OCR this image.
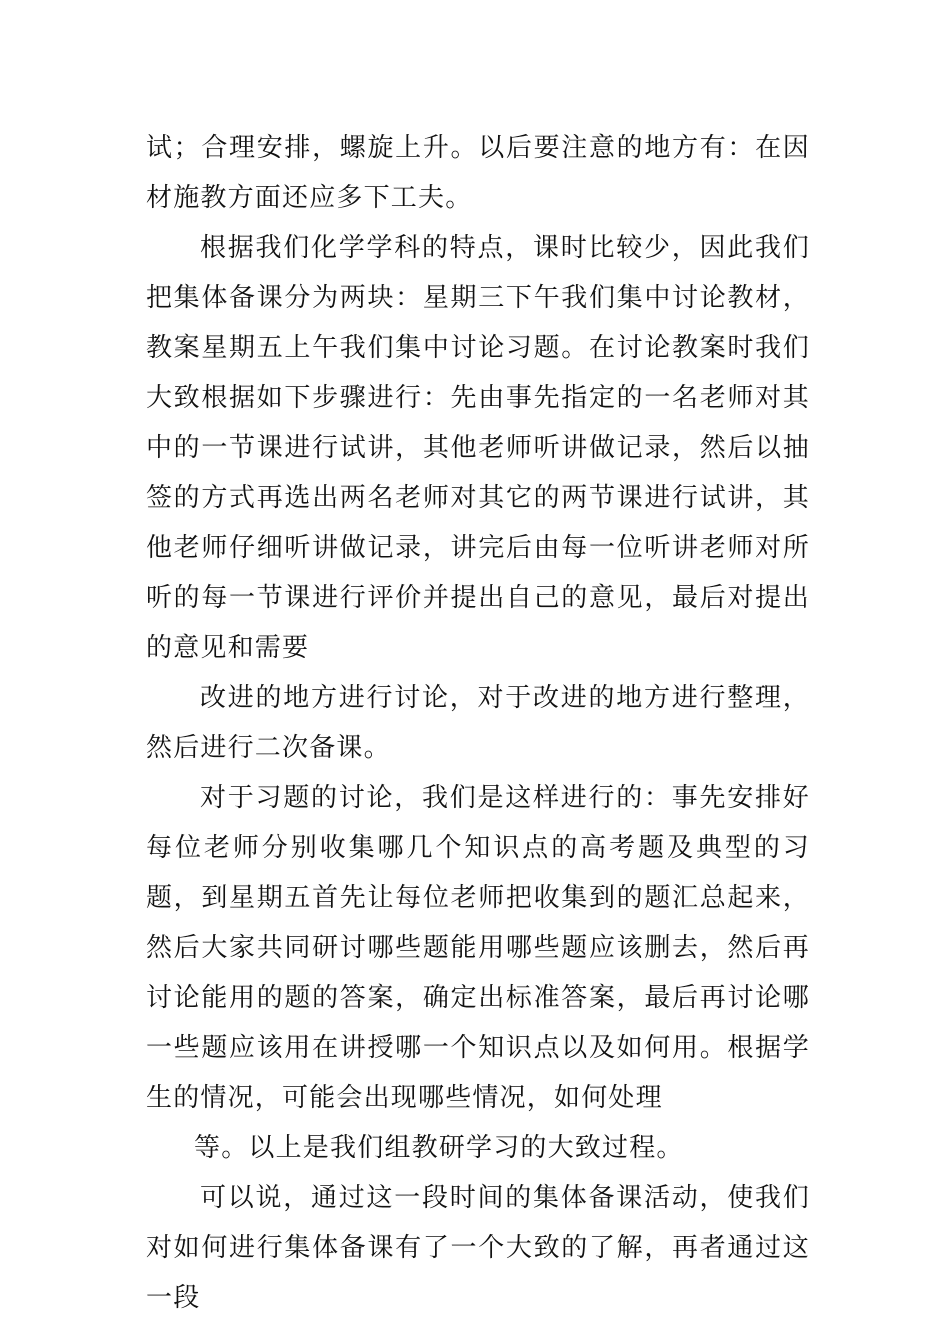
试；合理安排，螺旋上升。以后要注意的地方有：在因材施教方面还应多下工夫。

根据我们化学学科的特点，课时比较少，因此我们把集体备课分为两块：星期三下午我们集中讨论教材，教案星期五上午我们集中讨论习题。在讨论教案时我们大致根据如下步骤进行：先由事先指定的一名老师对其中的一节课进行试讲，其他老师听讲做记录，然后以抽签的方式再选出两名老师对其它的两节课进行试讲，其他老师仔细听讲做记录，讲完后由每一位听讲老师对所听的每一节课进行评价并提出自己的意见，最后对提出的意见和需要

改进的地方进行讨论，对于改进的地方进行整理，然后进行二次备课。

对于习题的讨论，我们是这样进行的：事先安排好每位老师分别收集哪几个知识点的高考题及典型的习题，到星期五首先让每位老师把收集到的题汇总起来，然后大家共同研讨哪些题能用哪些题应该删去，然后再讨论能用的题的答案，确定出标准答案，最后再讨论哪一些题应该用在讲授哪一个知识点以及如何用。根据学生的情况，可能会出现哪些情况，如何处理

等。以上是我们组教研学习的大致过程。

可以说，通过这一段时间的集体备课活动，使我们对如何进行集体备课有了一个大致的了解，再者通过这一段
